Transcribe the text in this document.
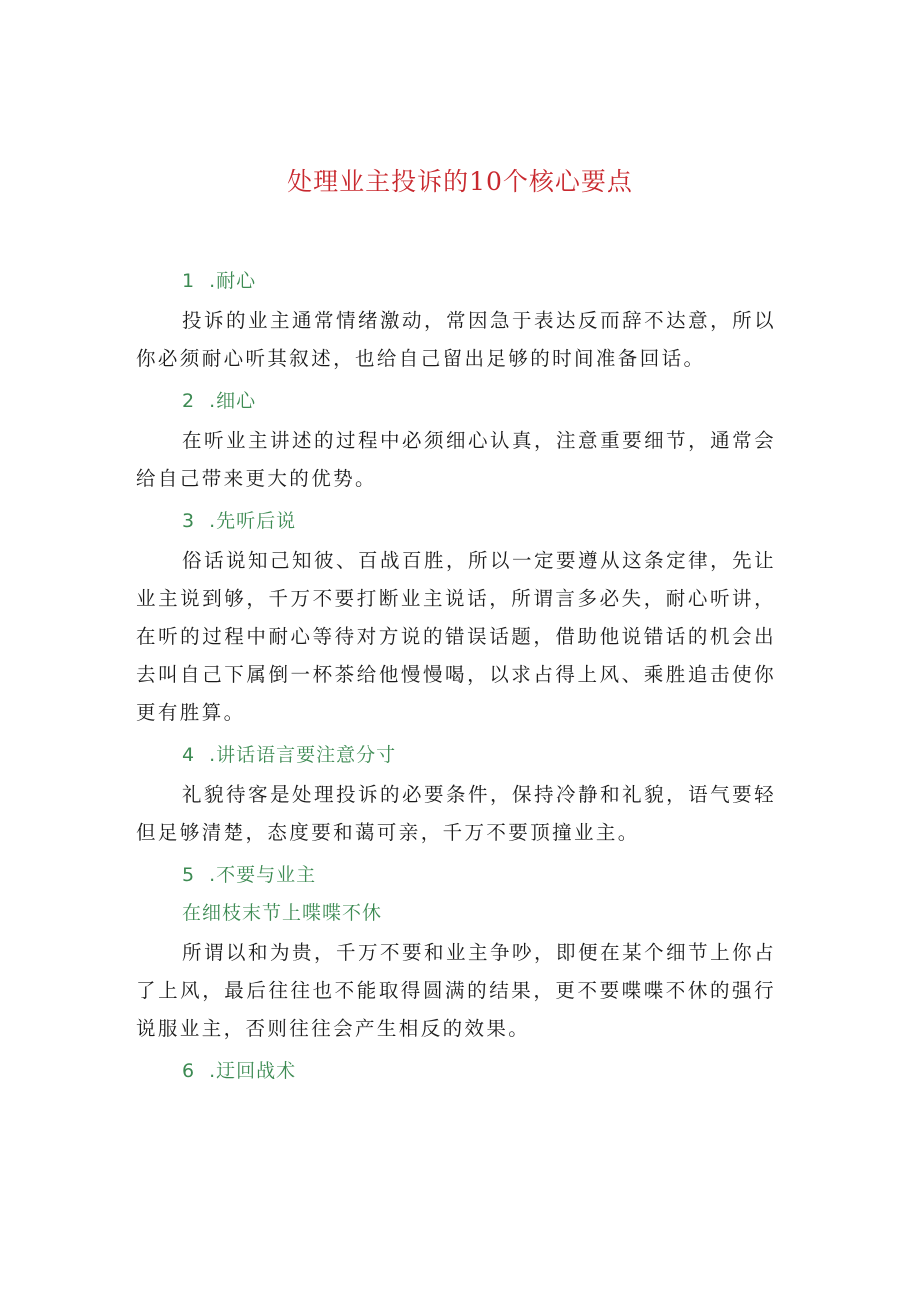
处理业主投诉的10个核心要点
1 .耐心

投诉的业主通常情绪激动，常因急于表达反而辞不达意，所以你必须耐心听其叙述，也给自己留出足够的时间准备回话。

2 .细心

在听业主讲述的过程中必须细心认真，注意重要细节，通常会给自己带来更大的优势。

3 .先听后说

俗话说知己知彼、百战百胜，所以一定要遵从这条定律，先让业主说到够，千万不要打断业主说话，所谓言多必失，耐心听讲，在听的过程中耐心等待对方说的错误话题，借助他说错话的机会出去叫自己下属倒一杯茶给他慢慢喝，以求占得上风、乘胜追击使你更有胜算。

4 .讲话语言要注意分寸

礼貌待客是处理投诉的必要条件，保持冷静和礼貌，语气要轻但足够清楚，态度要和蔼可亲，千万不要顶撞业主。

5 .不要与业主
在细枝末节上喋喋不休

所谓以和为贵，千万不要和业主争吵，即便在某个细节上你占了上风，最后往往也不能取得圆满的结果，更不要喋喋不休的强行说服业主，否则往往会产生相反的效果。

6 .迂回战术
